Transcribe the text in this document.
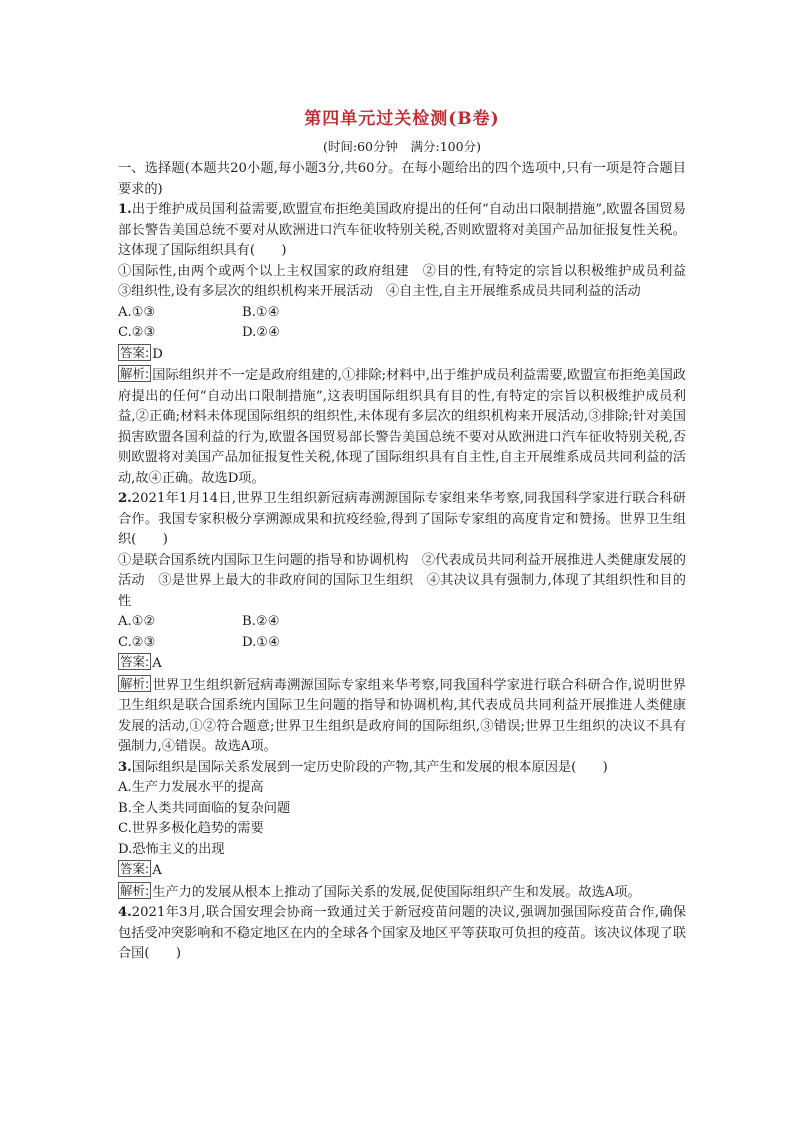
第四单元过关检测(B卷)
(时间:60分钟　满分:100分)

一、选择题(本题共20小题,每小题3分,共60分。在每小题给出的四个选项中,只有一项是符合题目要求的)

1.出于维护成员国利益需要,欧盟宣布拒绝美国政府提出的任何“自动出口限制措施”,欧盟各国贸易部长警告美国总统不要对从欧洲进口汽车征收特别关税,否则欧盟将对美国产品加征报复性关税。这体现了国际组织具有(　　)

①国际性,由两个或两个以上主权国家的政府组建　②目的性,有特定的宗旨以积极维护成员利益　③组织性,设有多层次的组织机构来开展活动　④自主性,自主开展维系成员共同利益的活动

A.①③	B.①④
C.②③	D.②④

答案: D

解析: 国际组织并不一定是政府组建的,①排除;材料中,出于维护成员利益需要,欧盟宣布拒绝美国政府提出的任何“自动出口限制措施”,这表明国际组织具有目的性,有特定的宗旨以积极维护成员利益,②正确;材料未体现国际组织的组织性,未体现有多层次的组织机构来开展活动,③排除;针对美国损害欧盟各国利益的行为,欧盟各国贸易部长警告美国总统不要对从欧洲进口汽车征收特别关税,否则欧盟将对美国产品加征报复性关税,体现了国际组织具有自主性,自主开展维系成员共同利益的活动,故④正确。故选D项。

2.2021年1月14日,世界卫生组织新冠病毒溯源国际专家组来华考察,同我国科学家进行联合科研合作。我国专家积极分享溯源成果和抗疫经验,得到了国际专家组的高度肯定和赞扬。世界卫生组织(　　)

①是联合国系统内国际卫生问题的指导和协调机构　②代表成员共同利益开展推进人类健康发展的活动　③是世界上最大的非政府间的国际卫生组织　④其决议具有强制力,体现了其组织性和目的性

A.①②	B.②④
C.②③	D.①④

答案: A

解析: 世界卫生组织新冠病毒溯源国际专家组来华考察,同我国科学家进行联合科研合作,说明世界卫生组织是联合国系统内国际卫生问题的指导和协调机构,其代表成员共同利益开展推进人类健康发展的活动,①②符合题意;世界卫生组织是政府间的国际组织,③错误;世界卫生组织的决议不具有强制力,④错误。故选A项。

3.国际组织是国际关系发展到一定历史阶段的产物,其产生和发展的根本原因是(　　)

A.生产力发展水平的提高

B.全人类共同面临的复杂问题

C.世界多极化趋势的需要

D.恐怖主义的出现

答案: A

解析: 生产力的发展从根本上推动了国际关系的发展,促使国际组织产生和发展。故选A项。

4.2021年3月,联合国安理会协商一致通过关于新冠疫苗问题的决议,强调加强国际疫苗合作,确保包括受冲突影响和不稳定地区在内的全球各个国家及地区平等获取可负担的疫苗。该决议体现了联合国(　　)
